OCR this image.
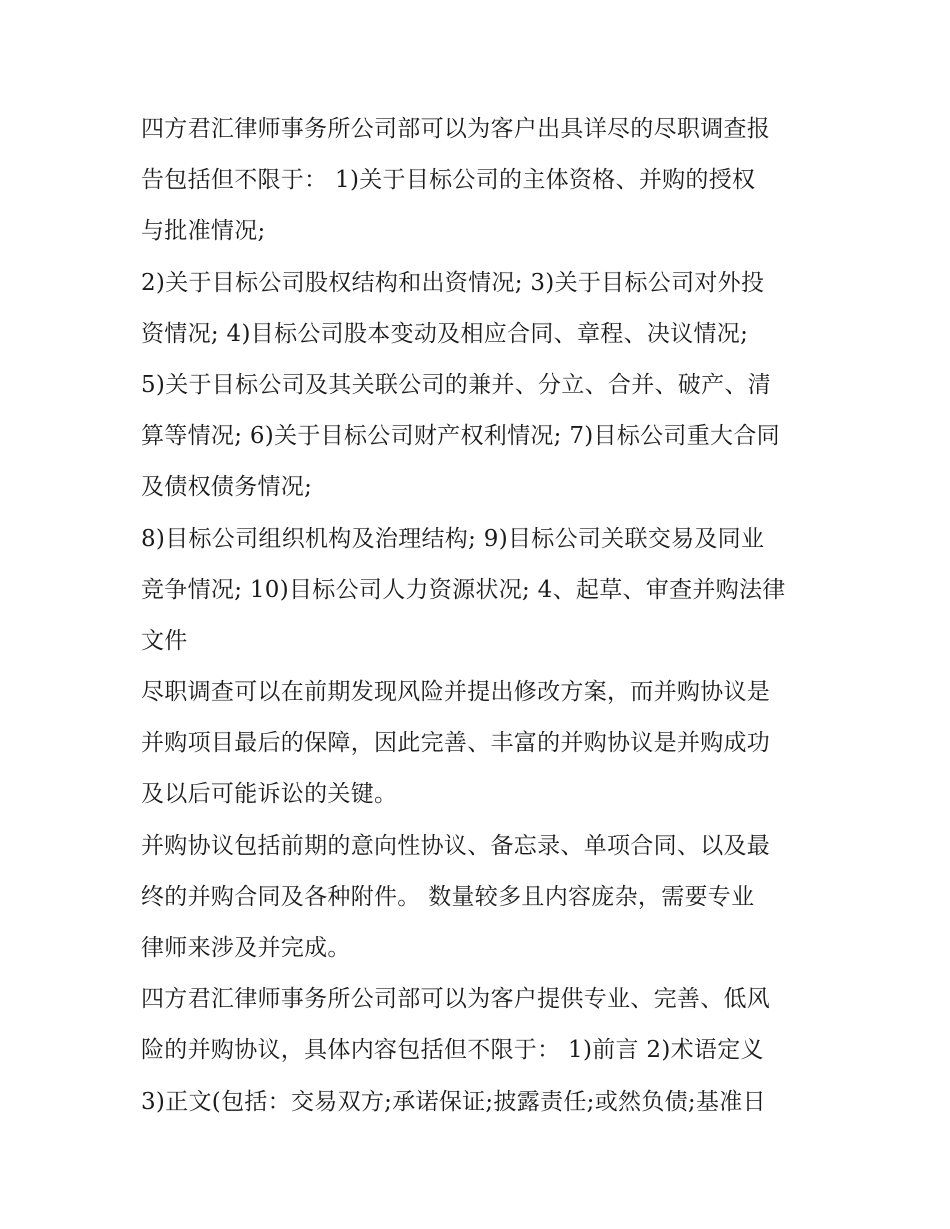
四方君汇律师事务所公司部可以为客户出具详尽的尽职调查报
告包括但不限于： 1)关于目标公司的主体资格、并购的授权
与批准情况;
2)关于目标公司股权结构和出资情况; 3)关于目标公司对外投
资情况; 4)目标公司股本变动及相应合同、章程、决议情况;
5)关于目标公司及其关联公司的兼并、分立、合并、破产、清
算等情况; 6)关于目标公司财产权利情况; 7)目标公司重大合同
及债权债务情况;
8)目标公司组织机构及治理结构; 9)目标公司关联交易及同业
竞争情况; 10)目标公司人力资源状况; 4、起草、审查并购法律
文件
尽职调查可以在前期发现风险并提出修改方案，而并购协议是
并购项目最后的保障，因此完善、丰富的并购协议是并购成功
及以后可能诉讼的关键。
并购协议包括前期的意向性协议、备忘录、单项合同、以及最
终的并购合同及各种附件。 数量较多且内容庞杂，需要专业
律师来涉及并完成。
四方君汇律师事务所公司部可以为客户提供专业、完善、低风
险的并购协议，具体内容包括但不限于： 1)前言 2)术语定义
3)正文(包括：交易双方;承诺保证;披露责任;或然负债;基准日
